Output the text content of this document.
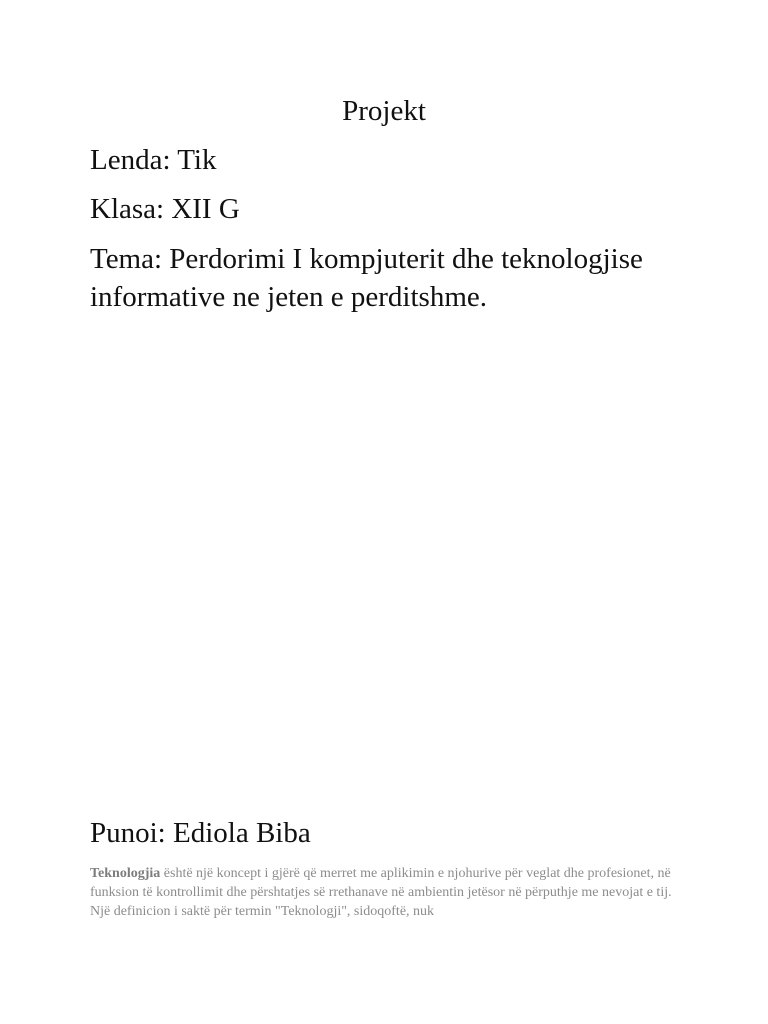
Projekt
Lenda: Tik
Klasa: XII G
Tema: Perdorimi I kompjuterit dhe teknologjise informative ne jeten e perditshme.
Punoi: Ediola Biba
Teknologjia është një koncept i gjërë që merret me aplikimin e njohurive për veglat dhe profesionet, në funksion të kontrollimit dhe përshtatjes së rrethanave në ambientin jetësor në përputhje me nevojat e tij. Një definicion i saktë për termin "Teknologji", sidoqoftë, nuk
